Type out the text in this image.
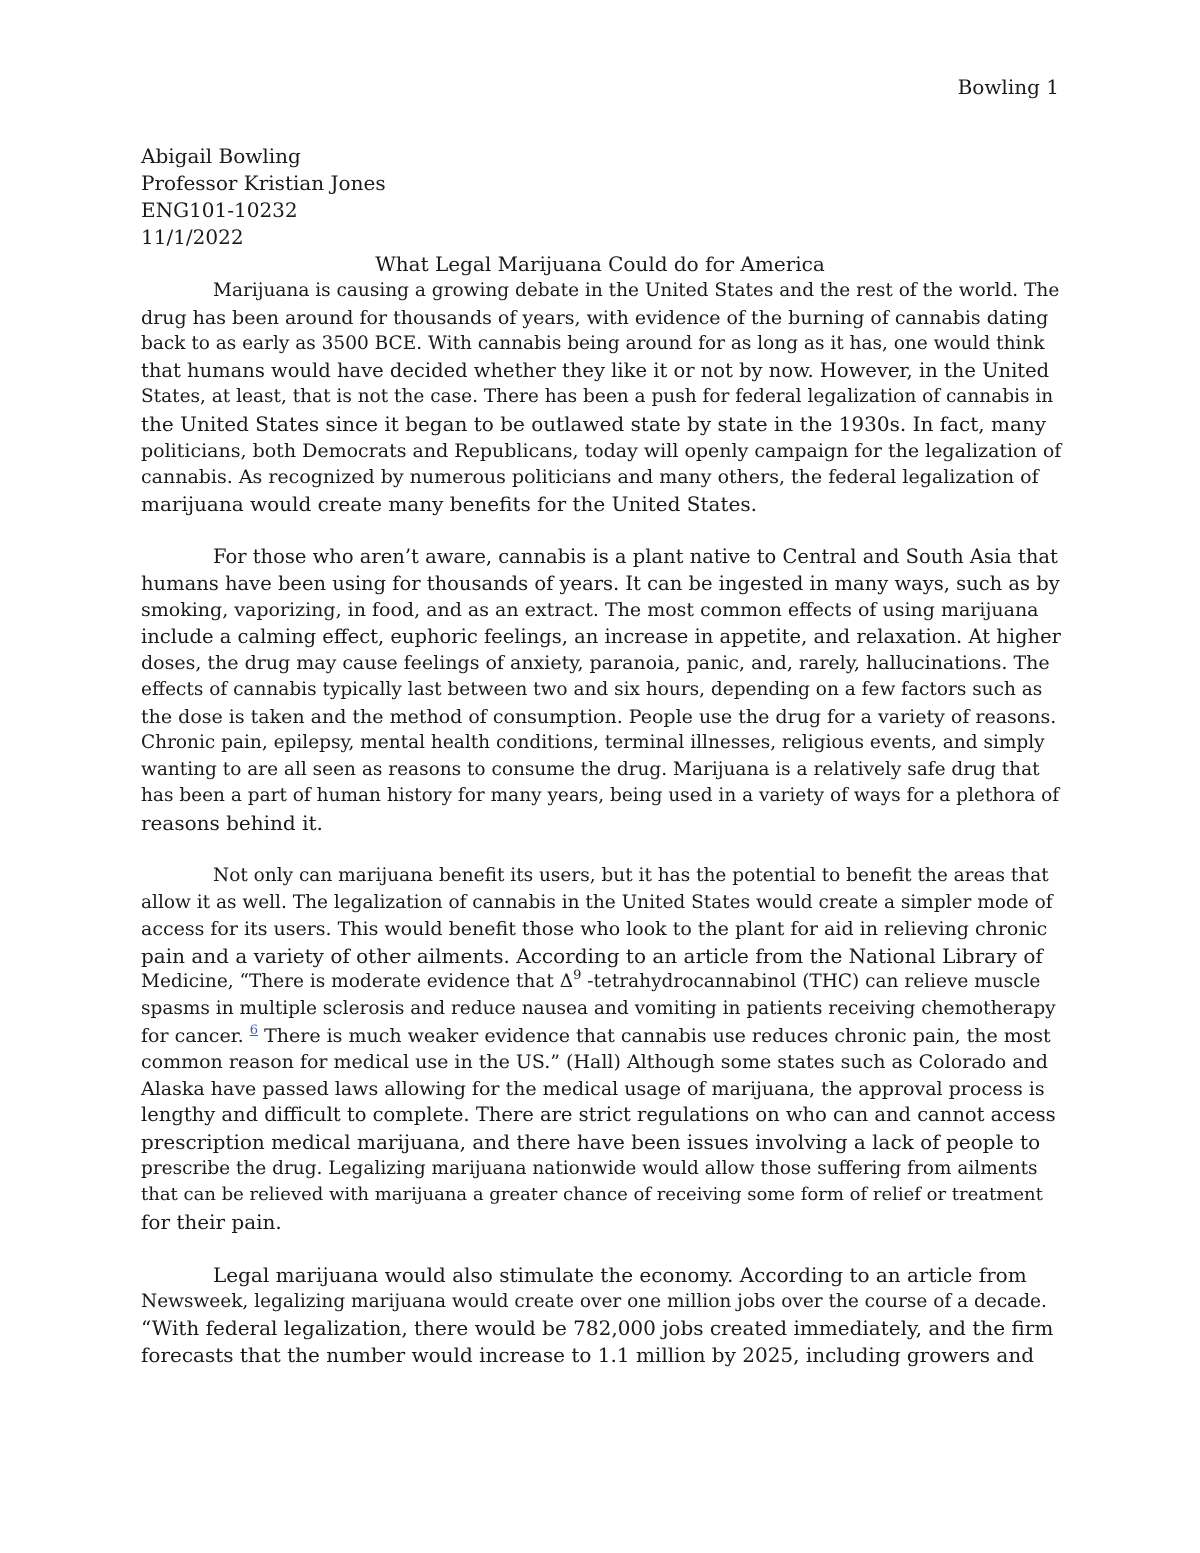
Bowling 1
Abigail Bowling
Professor Kristian Jones
ENG101-10232
11/1/2022
What Legal Marijuana Could do for America
Marijuana is causing a growing debate in the United States and the rest of the world. The
drug has been around for thousands of years, with evidence of the burning of cannabis dating
back to as early as 3500 BCE. With cannabis being around for as long as it has, one would think
that humans would have decided whether they like it or not by now. However, in the United
States, at least, that is not the case. There has been a push for federal legalization of cannabis in
the United States since it began to be outlawed state by state in the 1930s. In fact, many
politicians, both Democrats and Republicans, today will openly campaign for the legalization of
cannabis. As recognized by numerous politicians and many others, the federal legalization of
marijuana would create many benefits for the United States.
For those who aren’t aware, cannabis is a plant native to Central and South Asia that
humans have been using for thousands of years. It can be ingested in many ways, such as by
smoking, vaporizing, in food, and as an extract. The most common effects of using marijuana
include a calming effect, euphoric feelings, an increase in appetite, and relaxation. At higher
doses, the drug may cause feelings of anxiety, paranoia, panic, and, rarely, hallucinations. The
effects of cannabis typically last between two and six hours, depending on a few factors such as
the dose is taken and the method of consumption. People use the drug for a variety of reasons.
Chronic pain, epilepsy, mental health conditions, terminal illnesses, religious events, and simply
wanting to are all seen as reasons to consume the drug. Marijuana is a relatively safe drug that
has been a part of human history for many years, being used in a variety of ways for a plethora of
reasons behind it.
Not only can marijuana benefit its users, but it has the potential to benefit the areas that
allow it as well. The legalization of cannabis in the United States would create a simpler mode of
access for its users. This would benefit those who look to the plant for aid in relieving chronic
pain and a variety of other ailments. According to an article from the National Library of
Medicine, “There is moderate evidence that $\Delta^9$ -tetrahydrocannabinol (THC) can relieve muscle
spasms in multiple sclerosis and reduce nausea and vomiting in patients receiving chemotherapy
for cancer. $^6$ There is much weaker evidence that cannabis use reduces chronic pain, the most
common reason for medical use in the US.” (Hall) Although some states such as Colorado and
Alaska have passed laws allowing for the medical usage of marijuana, the approval process is
lengthy and difficult to complete. There are strict regulations on who can and cannot access
prescription medical marijuana, and there have been issues involving a lack of people to
prescribe the drug. Legalizing marijuana nationwide would allow those suffering from ailments
that can be relieved with marijuana a greater chance of receiving some form of relief or treatment
for their pain.
Legal marijuana would also stimulate the economy. According to an article from
Newsweek, legalizing marijuana would create over one million jobs over the course of a decade.
“With federal legalization, there would be 782,000 jobs created immediately, and the firm
forecasts that the number would increase to 1.1 million by 2025, including growers and
